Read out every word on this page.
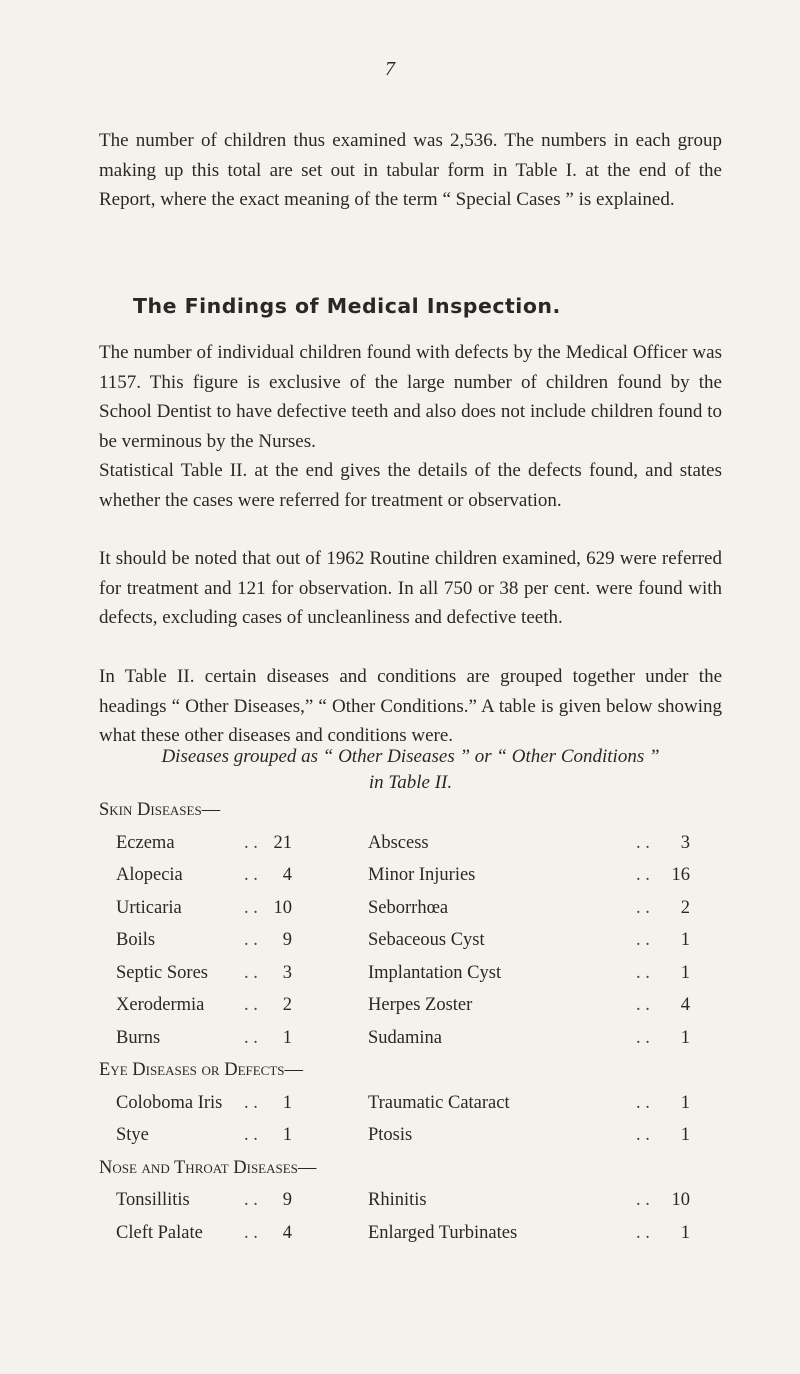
7

The number of children thus examined was 2,536. The numbers in each group making up this total are set out in tabular form in Table I. at the end of the Report, where the exact meaning of the term “ Special Cases ” is explained.

The Findings of Medical Inspection.

The number of individual children found with defects by the Medical Officer was 1157. This figure is exclusive of the large number of children found by the School Dentist to have defective teeth and also does not include children found to be verminous by the Nurses.

Statistical Table II. at the end gives the details of the defects found, and states whether the cases were referred for treatment or observation.

It should be noted that out of 1962 Routine children examined, 629 were referred for treatment and 121 for observation. In all 750 or 38 per cent. were found with defects, excluding cases of uncleanliness and defective teeth.

In Table II. certain diseases and conditions are grouped together under the headings “ Other Diseases,” “ Other Conditions.” A table is given below showing what these other diseases and conditions were.

Diseases grouped as “ Other Diseases ” or “ Other Conditions ”
in Table II.
Skin Diseases—
Eczema	. . 21	Abscess	. .	3
Alopecia	. .	4	Minor Injuries	. .	16
Urticaria	. . 10	Seborrhœa	. .	2
Boils	. .	9	Sebaceous Cyst	. .	1
Septic Sores . .	3	Implantation Cyst	. .	1
Xerodermia . .	2	Herpes Zoster	. .	4
Burns	. .	1	Sudamina	. .	1
Eye Diseases or Defects—
Coloboma Iris . .	1	Traumatic Cataract	. .	1
Stye	. .	1	Ptosis	. .	1
Nose and Throat Diseases—
Tonsillitis	. .	9	Rhinitis	. .	10
Cleft Palate . .	4	Enlarged Turbinates	. .	1
